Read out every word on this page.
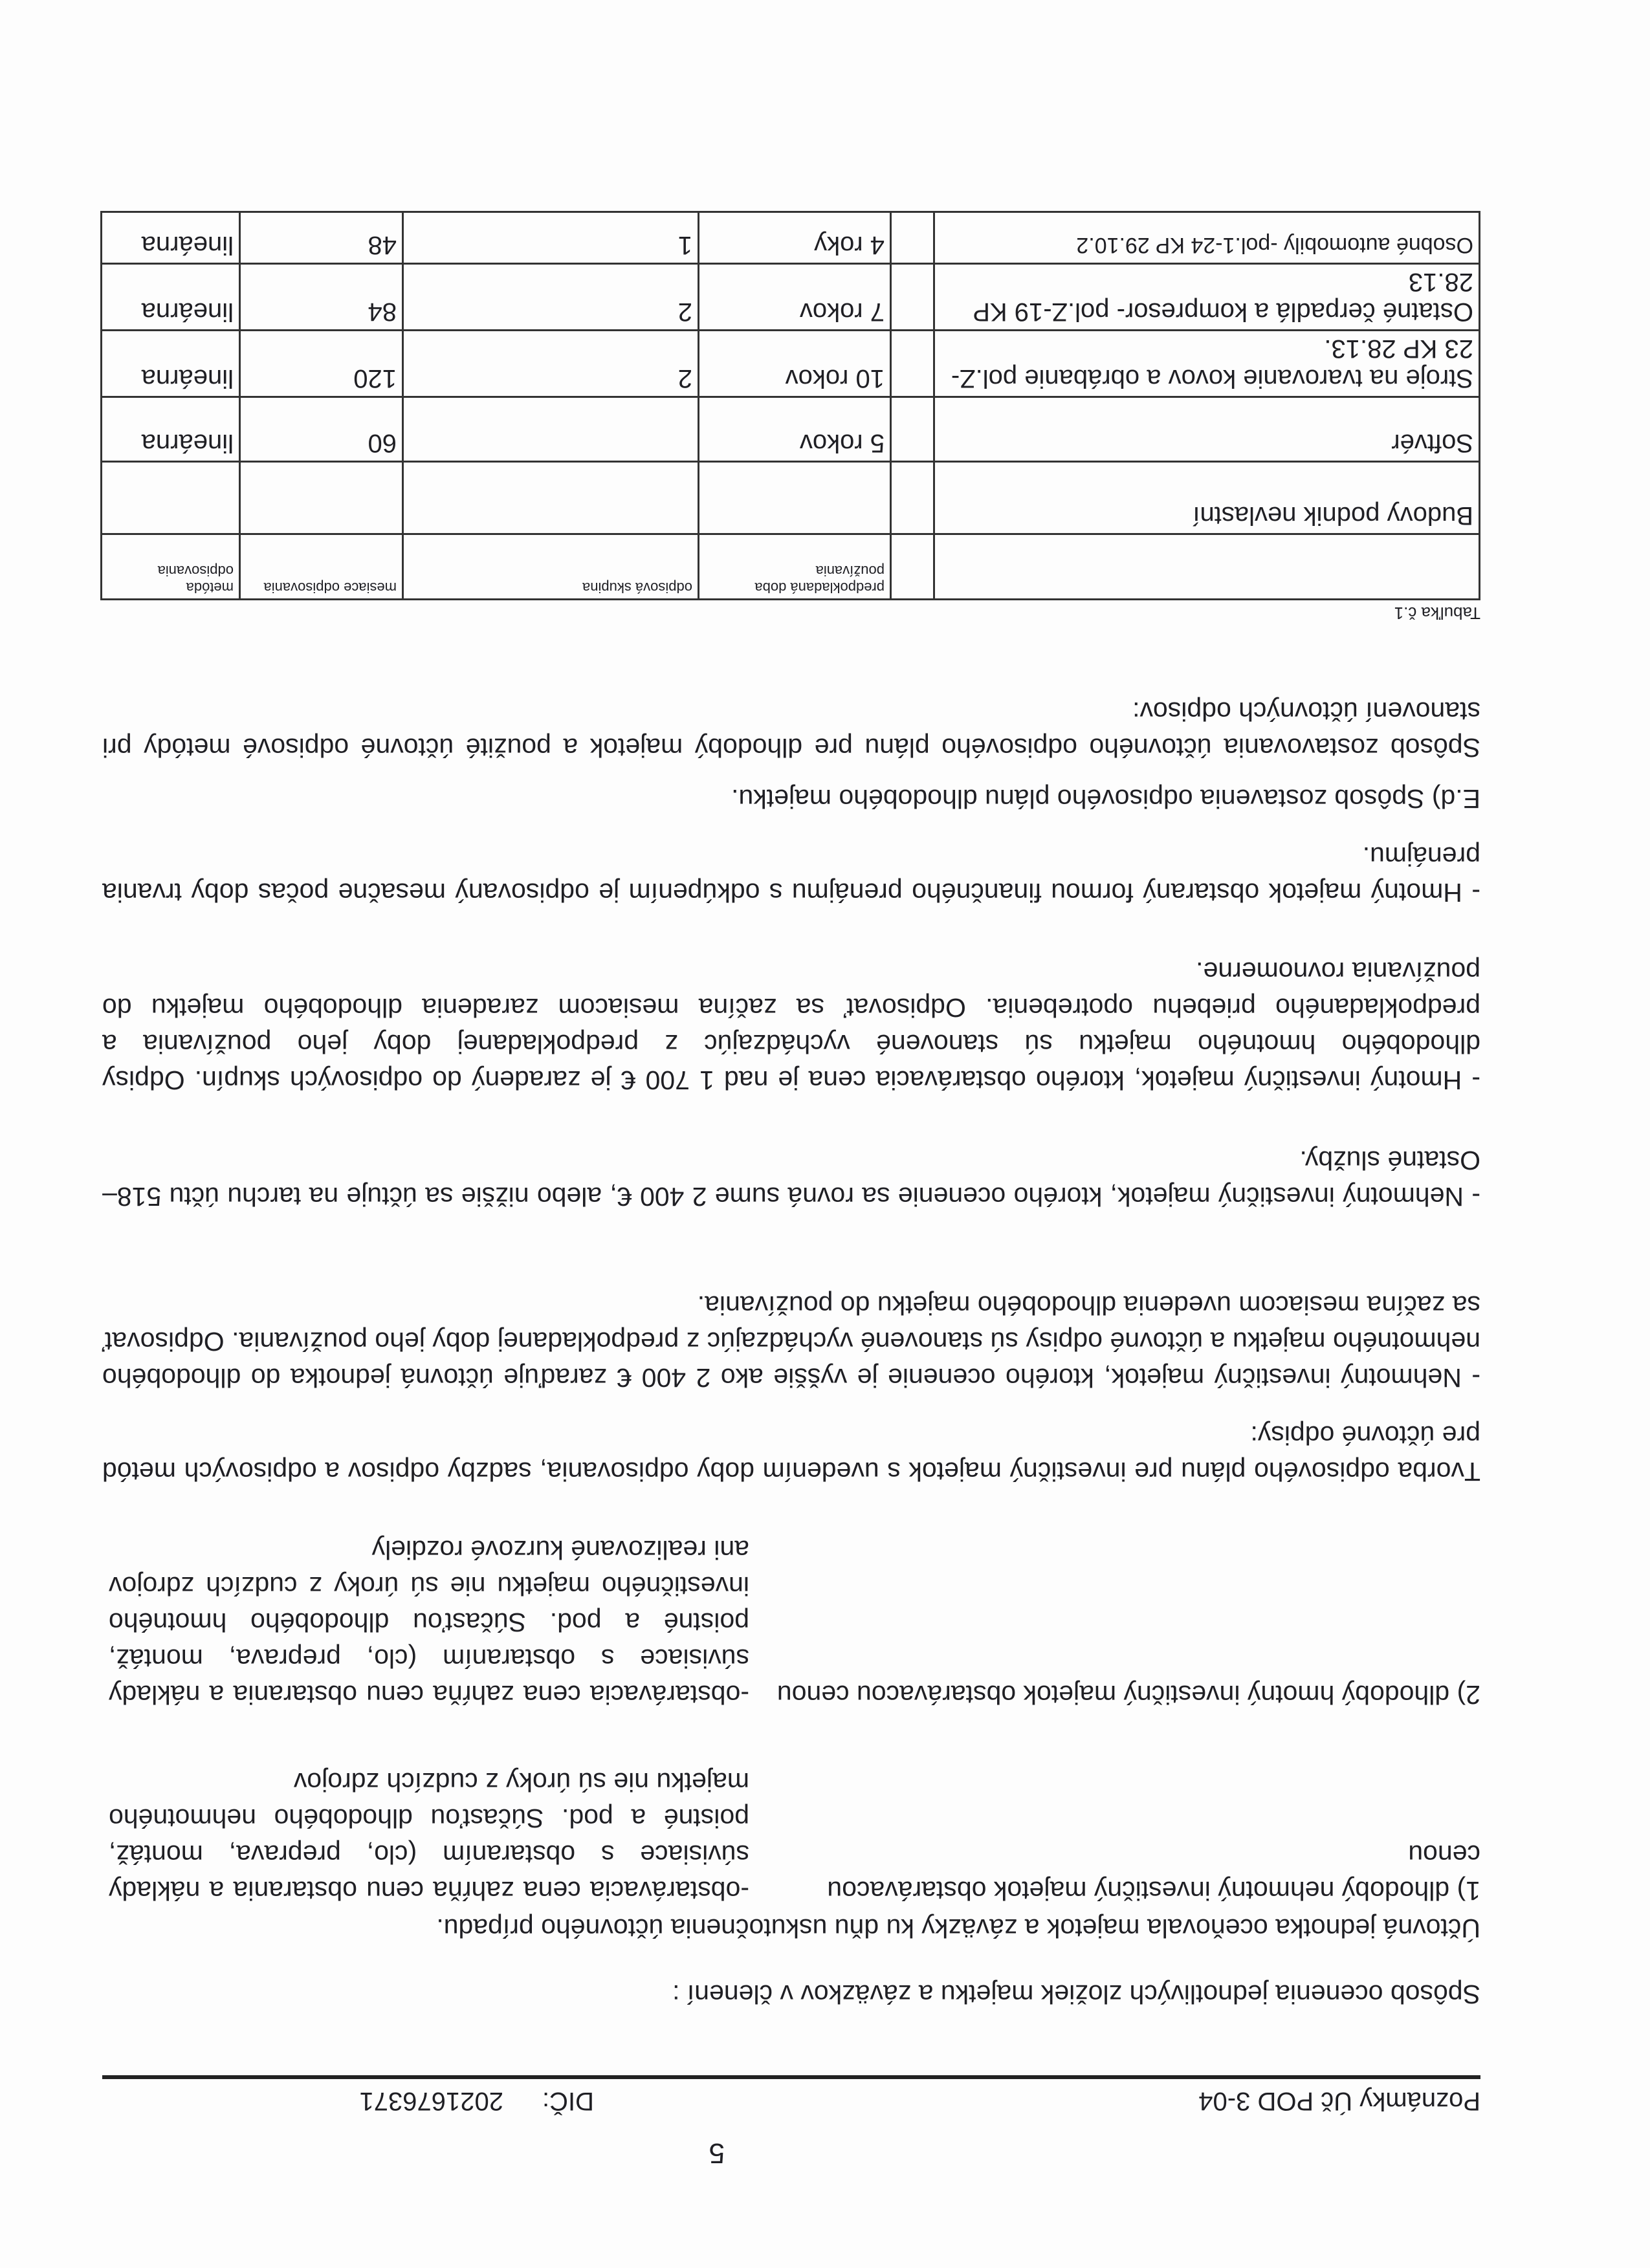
5
Poznámky Úč POD 3-04
DIČ:
2021676371
Spôsob ocenenia jednotlivých zložiek majetku a záväzkov v členení :
Účtovná jednotka oceňovala majetok a záväzky ku dňu uskutočnenia účtovného prípadu.
1) dlhodobý nehmotný investičný majetok obstarávacou cenou
-obstarávacia cena zahŕňa cenu obstarania a náklady súvisiace s obstaraním (clo, preprava, montáž, poistné a pod. Súčasťou dlhodobého nehmotného majetku nie sú úroky z cudzích zdrojov
2) dlhodobý hmotný investičný majetok obstarávacou cenou
-obstarávacia cena zahŕňa cenu obstarania a náklady súvisiace s obstaraním (clo, preprava, montáž, poistné a pod. Súčasťou dlhodobého hmotného investičného majetku nie sú úroky z cudzích zdrojov ani realizované kurzové rozdiely
Tvorba odpisového plánu pre investičný majetok s uvedením doby odpisovania, sadzby odpisov a odpisových metód pre účtovné odpisy:
- Nehmotný investičný majetok, ktorého ocenenie je vyššie ako 2 400 € zaraďuje účtovná jednotka do dlhodobého nehmotného majetku a účtovné odpisy sú stanovené vychádzajúc z predpokladanej doby jeho používania. Odpisovať sa začína mesiacom uvedenia dlhodobého majetku do používania.
- Nehmotný investičný majetok, ktorého ocenenie sa rovná sume 2 400 €, alebo nižšie sa účtuje na tarchu účtu 518–Ostatné služby.
- Hmotný investičný majetok, ktorého obstarávacia cena je nad 1 700 € je zaradený do odpisových skupín. Odpisy dlhodobého hmotného majetku sú stanovené vychádzajúc z predpokladanej doby jeho používania a predpokladaného priebehu opotrebenia. Odpisovať sa začína mesiacom zaradenia dlhodobého majetku do používania rovnomerne.
- Hmotný majetok obstaraný formou finančného prenájmu s odkúpením je odpisovaný mesačne počas doby trvania prenájmu.
E.d) Spôsob zostavenia odpisového plánu dlhodobého majetku.
Spôsob zostavovania účtovného odpisového plánu pre dlhodobý majetok a použité účtovné odpisové metódy pri stanovení účtovných odpisov:
Tabuľka č.1
		predpokladaná doba používania	odpisová skupina	mesiace odpisovania	metóda odpisovania
Budovy podnik nevlastní					
Softvér		5 rokov		60	lineárna
Stroje na tvarovanie kovov a obrábanie pol.Z-23 KP 28.13.		10 rokov	2	120	lineárna
Ostatné čerpadlá a kompresor- pol.Z-19 KP 28.13		7 rokov	2	84	lineárna
Osobné automobily -pol.1-24 KP 29.10.2		4 roky	1	48	lineárna
